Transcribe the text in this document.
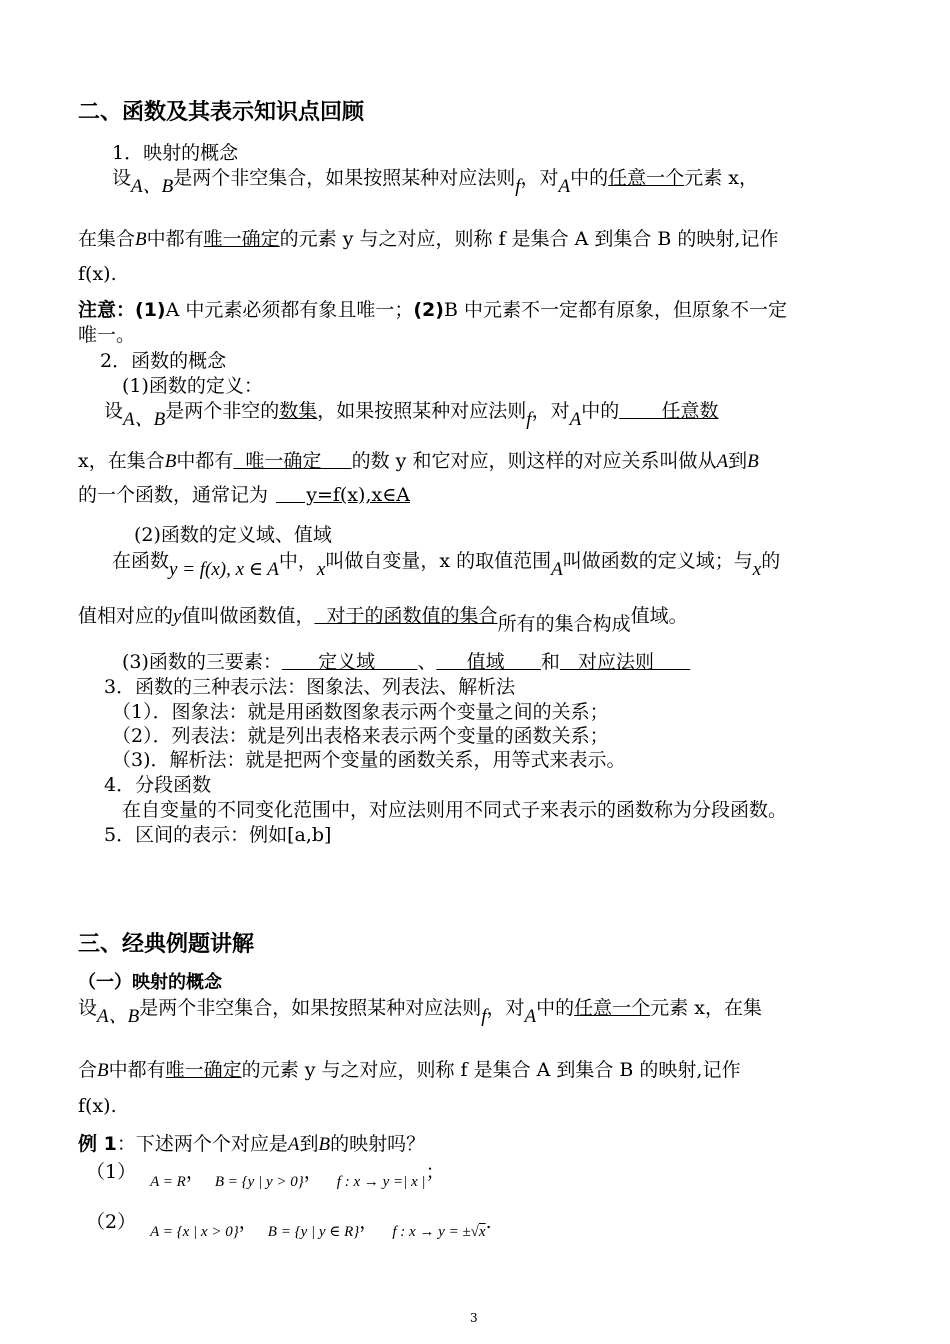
二、函数及其表示知识点回顾
1．映射的概念
设A、B是两个非空集合，如果按照某种对应法则f，对A中的任意一个元素 x，
在集合B中都有唯一确定的元素 y 与之对应，则称 f 是集合 A 到集合 B 的映射,记作
f(x).
注意：(1)A 中元素必须都有象且唯一；(2)B 中元素不一定都有原象，但原象不一定
唯一。
2．函数的概念
(1)函数的定义：
设A、B是两个非空的数集，如果按照某种对应法则f，对A中的       任意数
x，在集合B中都有  唯一确定     的数 y 和它对应，则这样的对应关系叫做从A到B
的一个函数，通常记为     y=f(x),x∈A
(2)函数的定义域、值域
在函数y = f(x), x ∈ A中，x叫做自变量，x 的取值范围A叫做函数的定义域；与x的
值相对应的y值叫做函数值，  对于的函数值的集合所有的集合构成值域。
(3)函数的三要素：      定义域       、     值域      和   对应法则
3．函数的三种表示法：图象法、列表法、解析法
（1）．图象法：就是用函数图象表示两个变量之间的关系；
（2）．列表法：就是列出表格来表示两个变量的函数关系；
（3)．解析法：就是把两个变量的函数关系，用等式来表示。
4．分段函数
在自变量的不同变化范围中，对应法则用不同式子来表示的函数称为分段函数。
5．区间的表示：例如[a,b]
三、经典例题讲解
（一）映射的概念
设A、B是两个非空集合，如果按照某种对应法则f，对A中的任意一个元素 x，在集
合B中都有唯一确定的元素 y 与之对应，则称 f 是集合 A 到集合 B 的映射,记作
f(x).
例 1：下述两个个对应是A到B的映射吗？
（1） $_{A = R}$， $_{B = \{y | y > 0\}}$， $_{f : x \to y =| x |}$；
（2） $_{A = \{x | x > 0\}}$， $_{B = \{y | y \in R\}}$， $_{f : x \to y = \pm√x}$.
3
